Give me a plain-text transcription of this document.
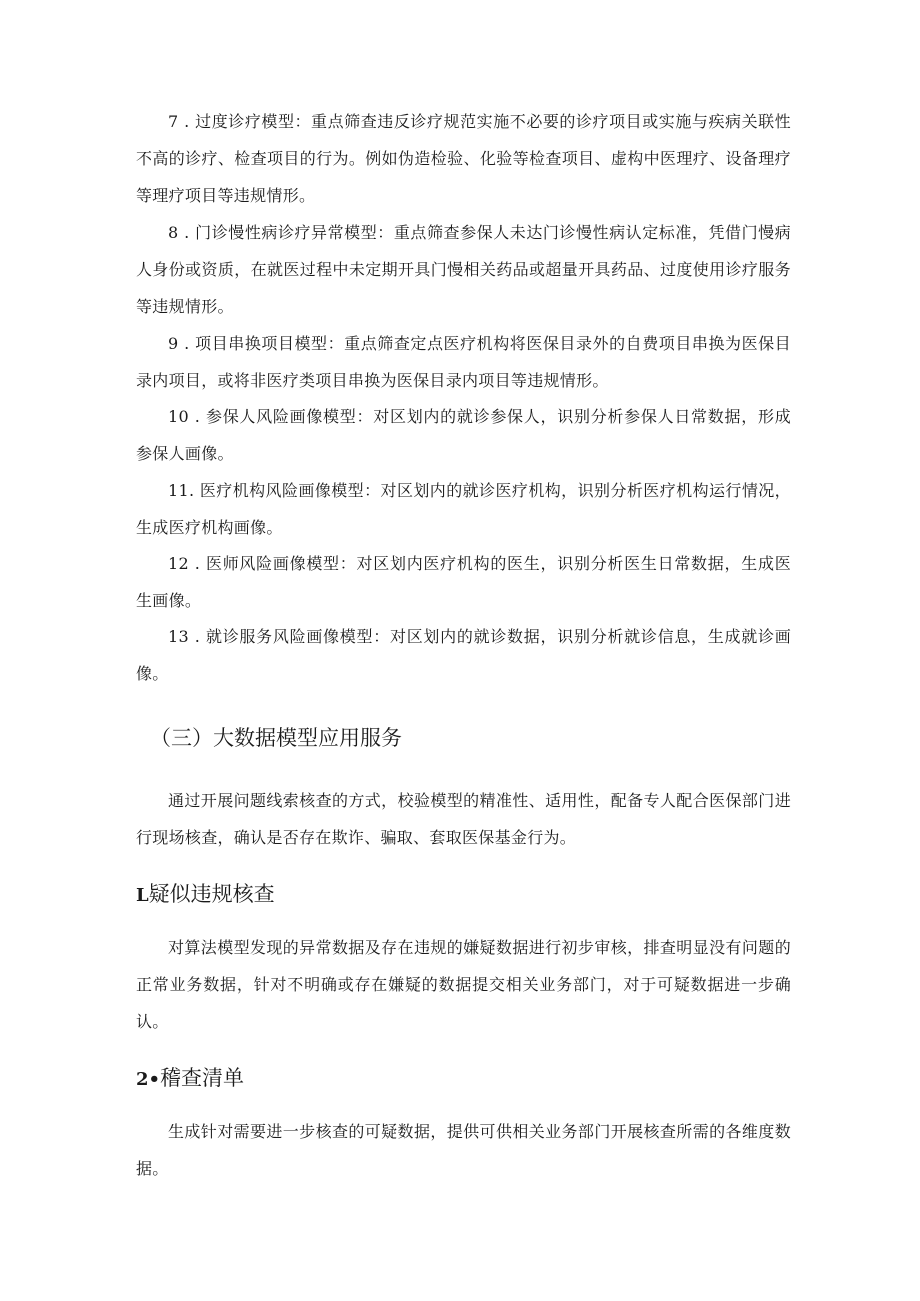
7 . 过度诊疗模型：重点筛查违反诊疗规范实施不必要的诊疗项目或实施与疾病关联性不高的诊疗、检查项目的行为。例如伪造检验、化验等检查项目、虚构中医理疗、设备理疗等理疗项目等违规情形。

8 . 门诊慢性病诊疗异常模型：重点筛查参保人未达门诊慢性病认定标准，凭借门慢病人身份或资质，在就医过程中未定期开具门慢相关药品或超量开具药品、过度使用诊疗服务等违规情形。

9 . 项目串换项目模型：重点筛查定点医疗机构将医保目录外的自费项目串换为医保目录内项目，或将非医疗类项目串换为医保目录内项目等违规情形。

10 . 参保人风险画像模型：对区划内的就诊参保人，识别分析参保人日常数据，形成参保人画像。

11. 医疗机构风险画像模型：对区划内的就诊医疗机构，识别分析医疗机构运行情况，生成医疗机构画像。

12 . 医师风险画像模型：对区划内医疗机构的医生，识别分析医生日常数据，生成医生画像。

13 . 就诊服务风险画像模型：对区划内的就诊数据，识别分析就诊信息，生成就诊画像。

（三）大数据模型应用服务

通过开展问题线索核查的方式，校验模型的精准性、适用性，配备专人配合医保部门进行现场核查，确认是否存在欺诈、骗取、套取医保基金行为。

L疑似违规核查

对算法模型发现的异常数据及存在违规的嫌疑数据进行初步审核，排查明显没有问题的正常业务数据，针对不明确或存在嫌疑的数据提交相关业务部门，对于可疑数据进一步确认。

2•稽查清单

生成针对需要进一步核查的可疑数据，提供可供相关业务部门开展核查所需的各维度数据。
